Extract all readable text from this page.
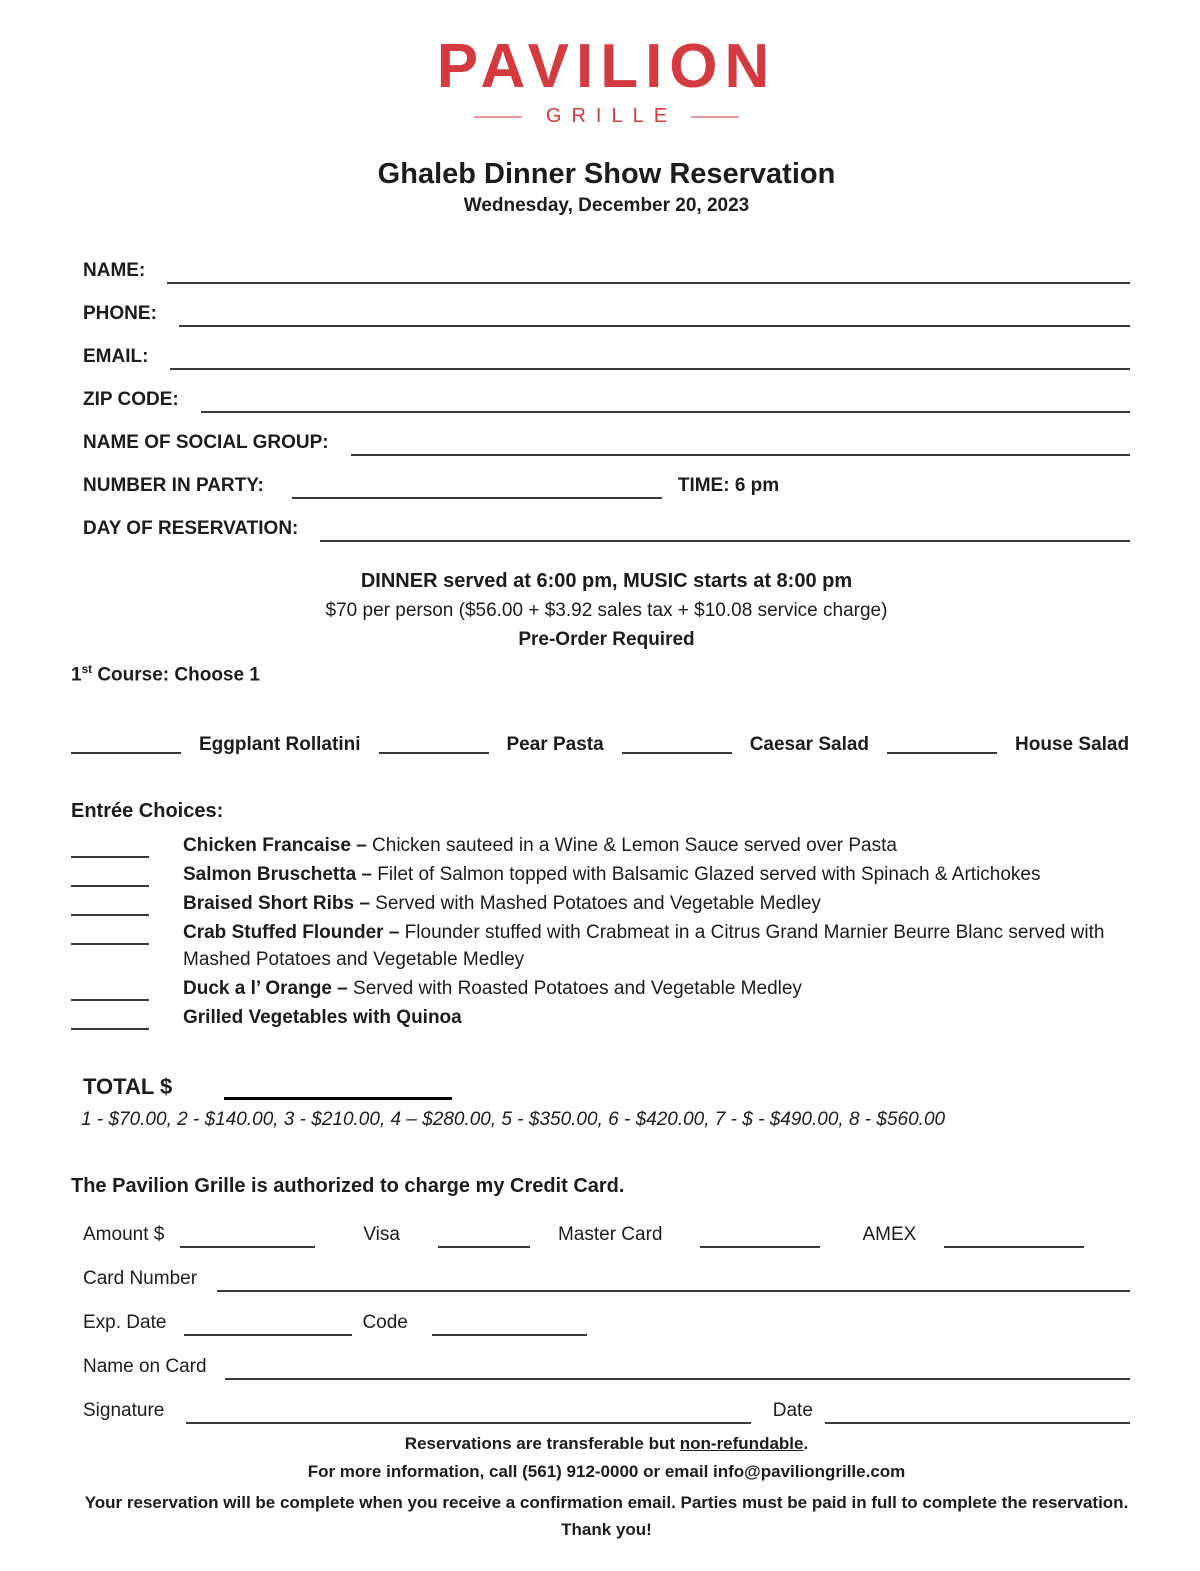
PAVILION
GRILLE
Ghaleb Dinner Show Reservation
Wednesday, December 20, 2023
NAME:
PHONE:
EMAIL:
ZIP CODE:
NAME OF SOCIAL GROUP:
NUMBER IN PARTY:	TIME: 6 pm
DAY OF RESERVATION:
DINNER served at 6:00 pm, MUSIC starts at 8:00 pm
$70 per person ($56.00 + $3.92 sales tax + $10.08 service charge)
Pre-Order Required
1st Course: Choose 1
Eggplant Rollatini	Pear Pasta	Caesar Salad	House Salad
Entrée Choices:
Chicken Francaise – Chicken sauteed in a Wine & Lemon Sauce served over Pasta
Salmon Bruschetta – Filet of Salmon topped with Balsamic Glazed served with Spinach & Artichokes
Braised Short Ribs – Served with Mashed Potatoes and Vegetable Medley
Crab Stuffed Flounder – Flounder stuffed with Crabmeat in a Citrus Grand Marnier Beurre Blanc served with Mashed Potatoes and Vegetable Medley
Duck a l’ Orange – Served with Roasted Potatoes and Vegetable Medley
Grilled Vegetables with Quinoa
TOTAL $
1 - $70.00, 2 - $140.00, 3 - $210.00, 4 – $280.00, 5 - $350.00, 6 - $420.00, 7 - $ - $490.00, 8 - $560.00
The Pavilion Grille is authorized to charge my Credit Card.
Amount $	Visa	Master Card	AMEX
Card Number
Exp. Date	Code
Name on Card
Signature	Date
Reservations are transferable but non-refundable.
For more information, call (561) 912-0000 or email info@paviliongrille.com
Your reservation will be complete when you receive a confirmation email. Parties must be paid in full to complete the reservation. Thank you!
